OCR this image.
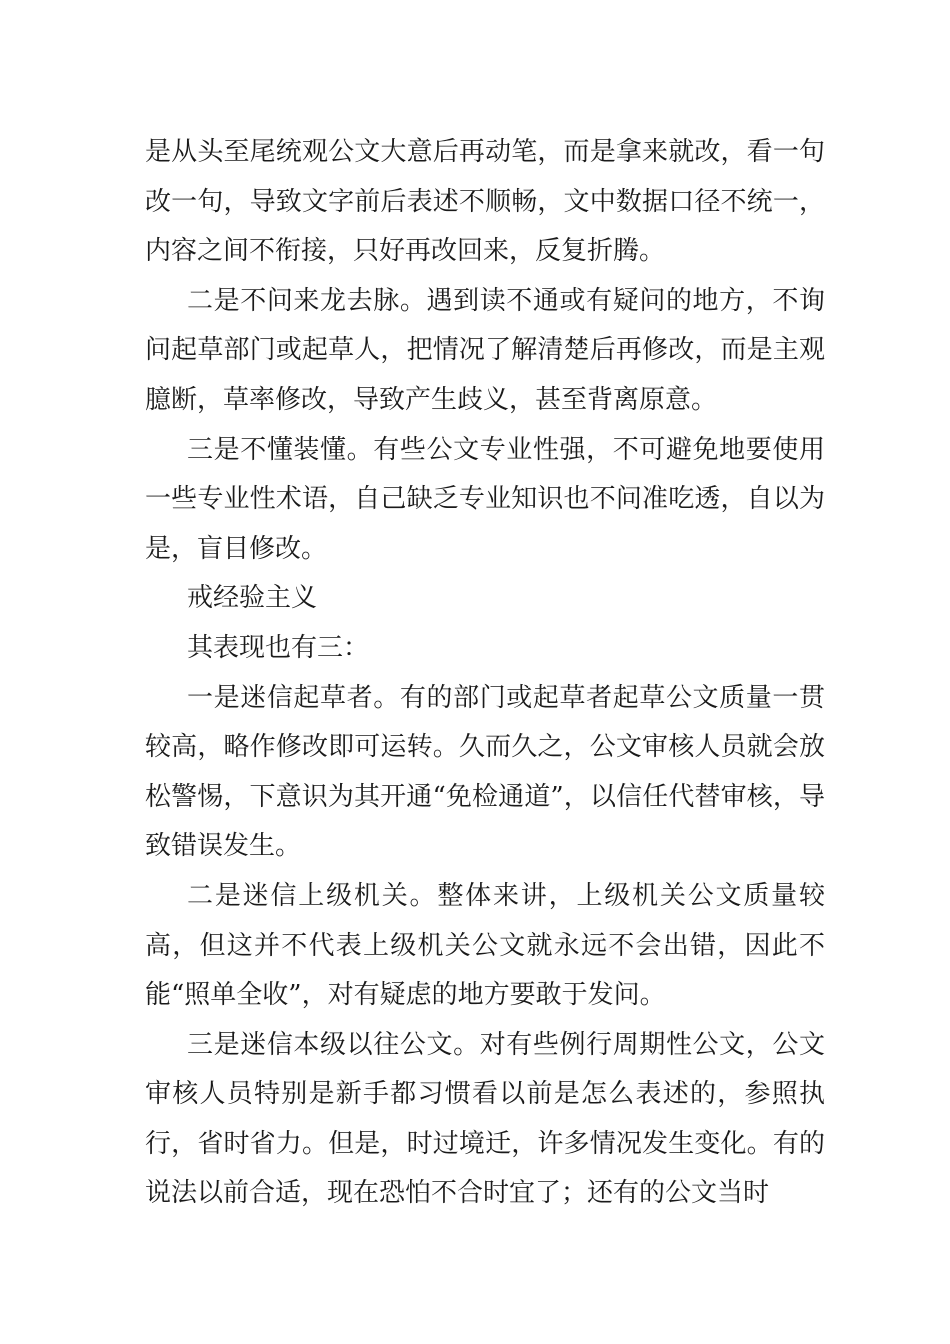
是从头至尾统观公文大意后再动笔，而是拿来就改，看一句改一句，导致文字前后表述不顺畅，文中数据口径不统一，内容之间不衔接，只好再改回来，反复折腾。

二是不问来龙去脉。遇到读不通或有疑问的地方，不询问起草部门或起草人，把情况了解清楚后再修改，而是主观臆断，草率修改，导致产生歧义，甚至背离原意。

三是不懂装懂。有些公文专业性强，不可避免地要使用一些专业性术语，自己缺乏专业知识也不问准吃透，自以为是，盲目修改。

戒经验主义

其表现也有三：

一是迷信起草者。有的部门或起草者起草公文质量一贯较高，略作修改即可运转。久而久之，公文审核人员就会放松警惕，下意识为其开通“免检通道”，以信任代替审核，导致错误发生。

二是迷信上级机关。整体来讲，上级机关公文质量较高，但这并不代表上级机关公文就永远不会出错，因此不能“照单全收”，对有疑虑的地方要敢于发问。

三是迷信本级以往公文。对有些例行周期性公文，公文审核人员特别是新手都习惯看以前是怎么表述的，参照执行，省时省力。但是，时过境迁，许多情况发生变化。有的说法以前合适，现在恐怕不合时宜了；还有的公文当时
